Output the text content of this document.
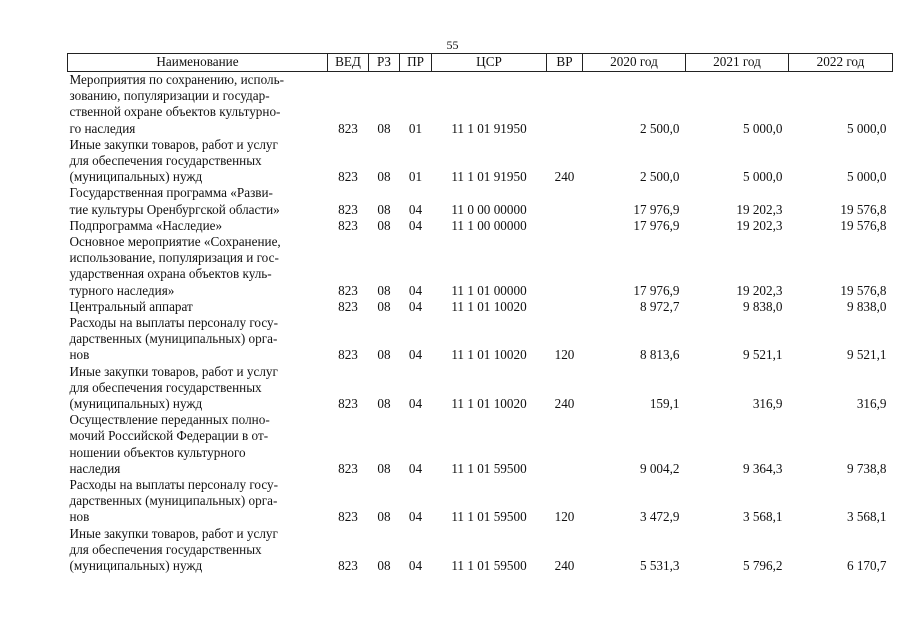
55
Наименование	ВЕД	РЗ	ПР	ЦСР	ВР	2020 год	2021 год	2022 год

Мероприятия по сохранению, исполь-
зованию, популяризации и государ-
ственной охране объектов культурно-
го наследия	823	08	01	11 1 01 91950		2 500,0	5 000,0	5 000,0

Иные закупки товаров, работ и услуг
для обеспечения государственных
(муниципальных) нужд	823	08	01	11 1 01 91950	240	2 500,0	5 000,0	5 000,0

Государственная программа «Разви-
тие культуры Оренбургской области»	823	08	04	11 0 00 00000		17 976,9	19 202,3	19 576,8

Подпрограмма «Наследие»	823	08	04	11 1 00 00000		17 976,9	19 202,3	19 576,8

Основное мероприятие «Сохранение,
использование, популяризация и гос-
ударственная охрана объектов куль-
турного наследия»	823	08	04	11 1 01 00000		17 976,9	19 202,3	19 576,8

Центральный аппарат	823	08	04	11 1 01 10020		8 972,7	9 838,0	9 838,0

Расходы на выплаты персоналу госу-
дарственных (муниципальных) орга-
нов	823	08	04	11 1 01 10020	120	8 813,6	9 521,1	9 521,1

Иные закупки товаров, работ и услуг
для обеспечения государственных
(муниципальных) нужд	823	08	04	11 1 01 10020	240	159,1	316,9	316,9

Осуществление переданных полно-
мочий Российской Федерации в от-
ношении объектов культурного
наследия	823	08	04	11 1 01 59500		9 004,2	9 364,3	9 738,8

Расходы на выплаты персоналу госу-
дарственных (муниципальных) орга-
нов	823	08	04	11 1 01 59500	120	3 472,9	3 568,1	3 568,1

Иные закупки товаров, работ и услуг
для обеспечения государственных
(муниципальных) нужд	823	08	04	11 1 01 59500	240	5 531,3	5 796,2	6 170,7
